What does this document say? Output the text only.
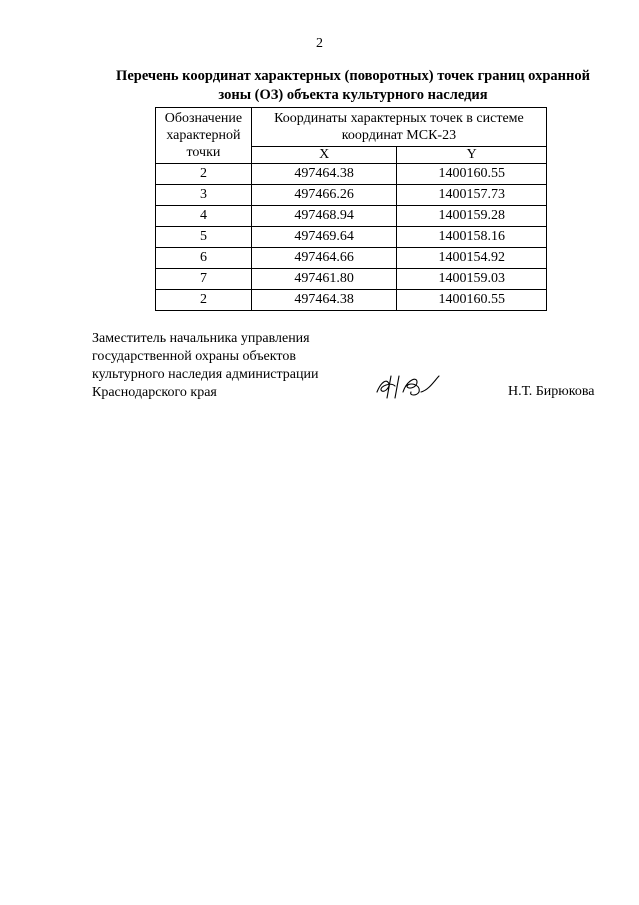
2
Перечень координат характерных (поворотных) точек границ охранной
зоны (ОЗ) объекта культурного наследия
Обозначение характерной точки	Координаты характерных точек в системе координат МСК-23	
	X	Y
2	497464.38	1400160.55
3	497466.26	1400157.73
4	497468.94	1400159.28
5	497469.64	1400158.16
6	497464.66	1400154.92
7	497461.80	1400159.03
2	497464.38	1400160.55
Заместитель начальника управления
государственной охраны объектов
культурного наследия администрации
Краснодарского края	Н.Т. Бирюкова
